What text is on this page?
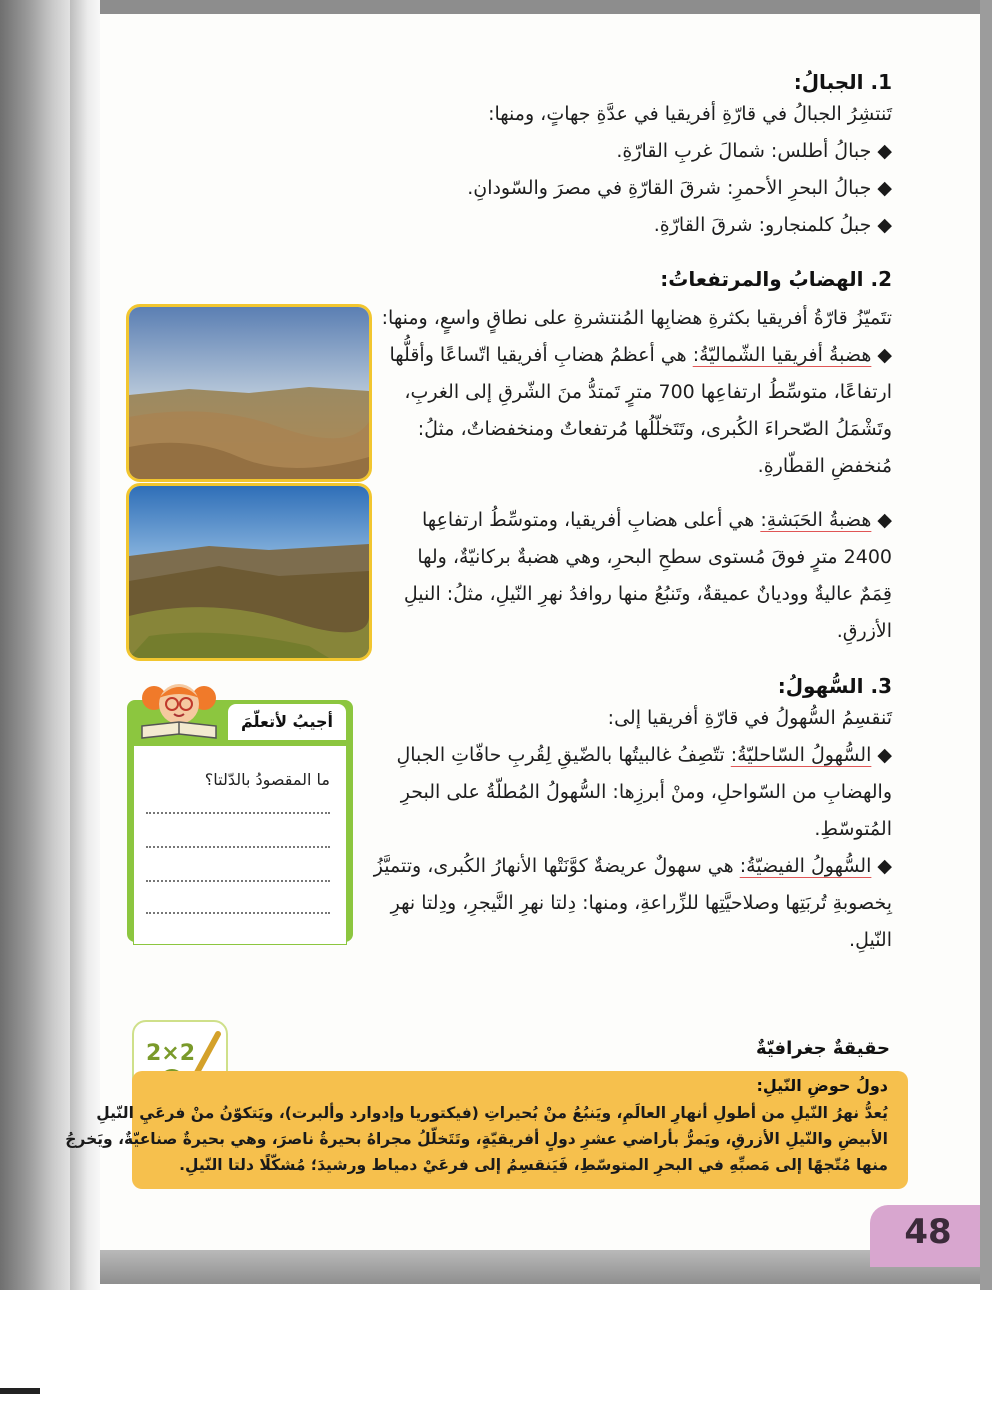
1. الجبالُ:
تَنتشِرُ الجبالُ في قارّةِ أفريقيا في عدَّةِ جهاتٍ، ومنها:
◆جبالُ أطلس: شمالَ غربِ القارّةِ.
◆جبالُ البحرِ الأحمرِ: شرقَ القارّةِ في مصرَ والسّودانِ.
◆جبلُ كلمنجارو: شرقَ القارّةِ.
2. الهضابُ والمرتفعاتُ:
تتَميّزُ قارّةُ أفريقيا بكثرةِ هضابِها المُنتشرةِ على نطاقٍ واسعٍ، ومنها:
◆هضبةُ أفريقيا الشّماليّةُ: هي أعظمُ هضابِ أفريقيا اتّساعًا وأقلُّها
ارتفاعًا، متوسِّطُ ارتفاعِها 700 مترٍ تَمتدُّ منَ الشّرقِ إلى الغربِ،
وتَشْمَلُ الصّحراءَ الكُبرى، وتَتَخلّلُها مُرتفعاتٌ ومنخفضاتٌ، مثلُ:
مُنخفضِ القطّارةِ.
◆هضبةُ الحَبَشةِ: هي أعلى هضابِ أفريقيا، ومتوسِّطُ ارتفاعِها
2400 مترٍ فوقَ مُستوى سطحِ البحرِ، وهي هضبةٌ بركانيّةٌ، ولها
قِمَمٌ عاليةٌ ووديانٌ عميقةٌ، وتَنبُعُ منها روافدُ نهرِ النّيلِ، مثلُ: النيلِ
الأزرقِ.
3. السُّهولُ:
تَنقسِمُ السُّهولُ في قارّةِ أفريقيا إلى:
◆السُّهولُ السّاحليّةُ: تتّصِفُ غالبيتُها بالضّيقِ لِقُربِ حافّاتِ الجبالِ
والهضابِ من السّواحلِ، ومنْ أبرزِها: السُّهولُ المُطلّةُ على البحرِ
المُتوسّطِ.
◆السُّهولُ الفيضيّةُ: هي سهولٌ عريضةٌ كوَّنَتْها الأنهارُ الكُبرى، وتتميَّزُ
بِخصوبةِ تُربَتِها وصلاحيَّتِها للزِّراعةِ، ومنها: دِلتا نهرِ النَّيجرِ، ودِلتا نهرِ
النّيلِ.
أجيبُ لأتعلّمَ
ما المقصودُ بالدّلتا؟
2×2	حقيقةٌ جغرافيّةٌ
دولُ حوضِ النّيلِ:
يُعدُّ نهرُ النّيلِ من أطولِ أنهارِ العالَمِ، ويَنبُعُ منْ بُحيراتِ (فيكتوريا وإدوارد وألبرت)، ويَتكوّنُ منْ فرعَيِ النّيلِ
الأبيضِ والنّيلِ الأزرقِ، ويَمرُّ بأراضي عشرِ دولٍ أفريقيّةٍ، وتَتَخلّلُ مجراهُ بحيرةُ ناصرَ، وهي بحيرةٌ صناعيّةٌ، ويَخرجُ
منها مُتّجهًا إلى مَصبِّهِ في البحرِ المتوسّطِ، فَيَنقسِمُ إلى فرعَيْ دمياط ورشيدَ؛ مُشكّلًا دلتا النّيلِ.
48
